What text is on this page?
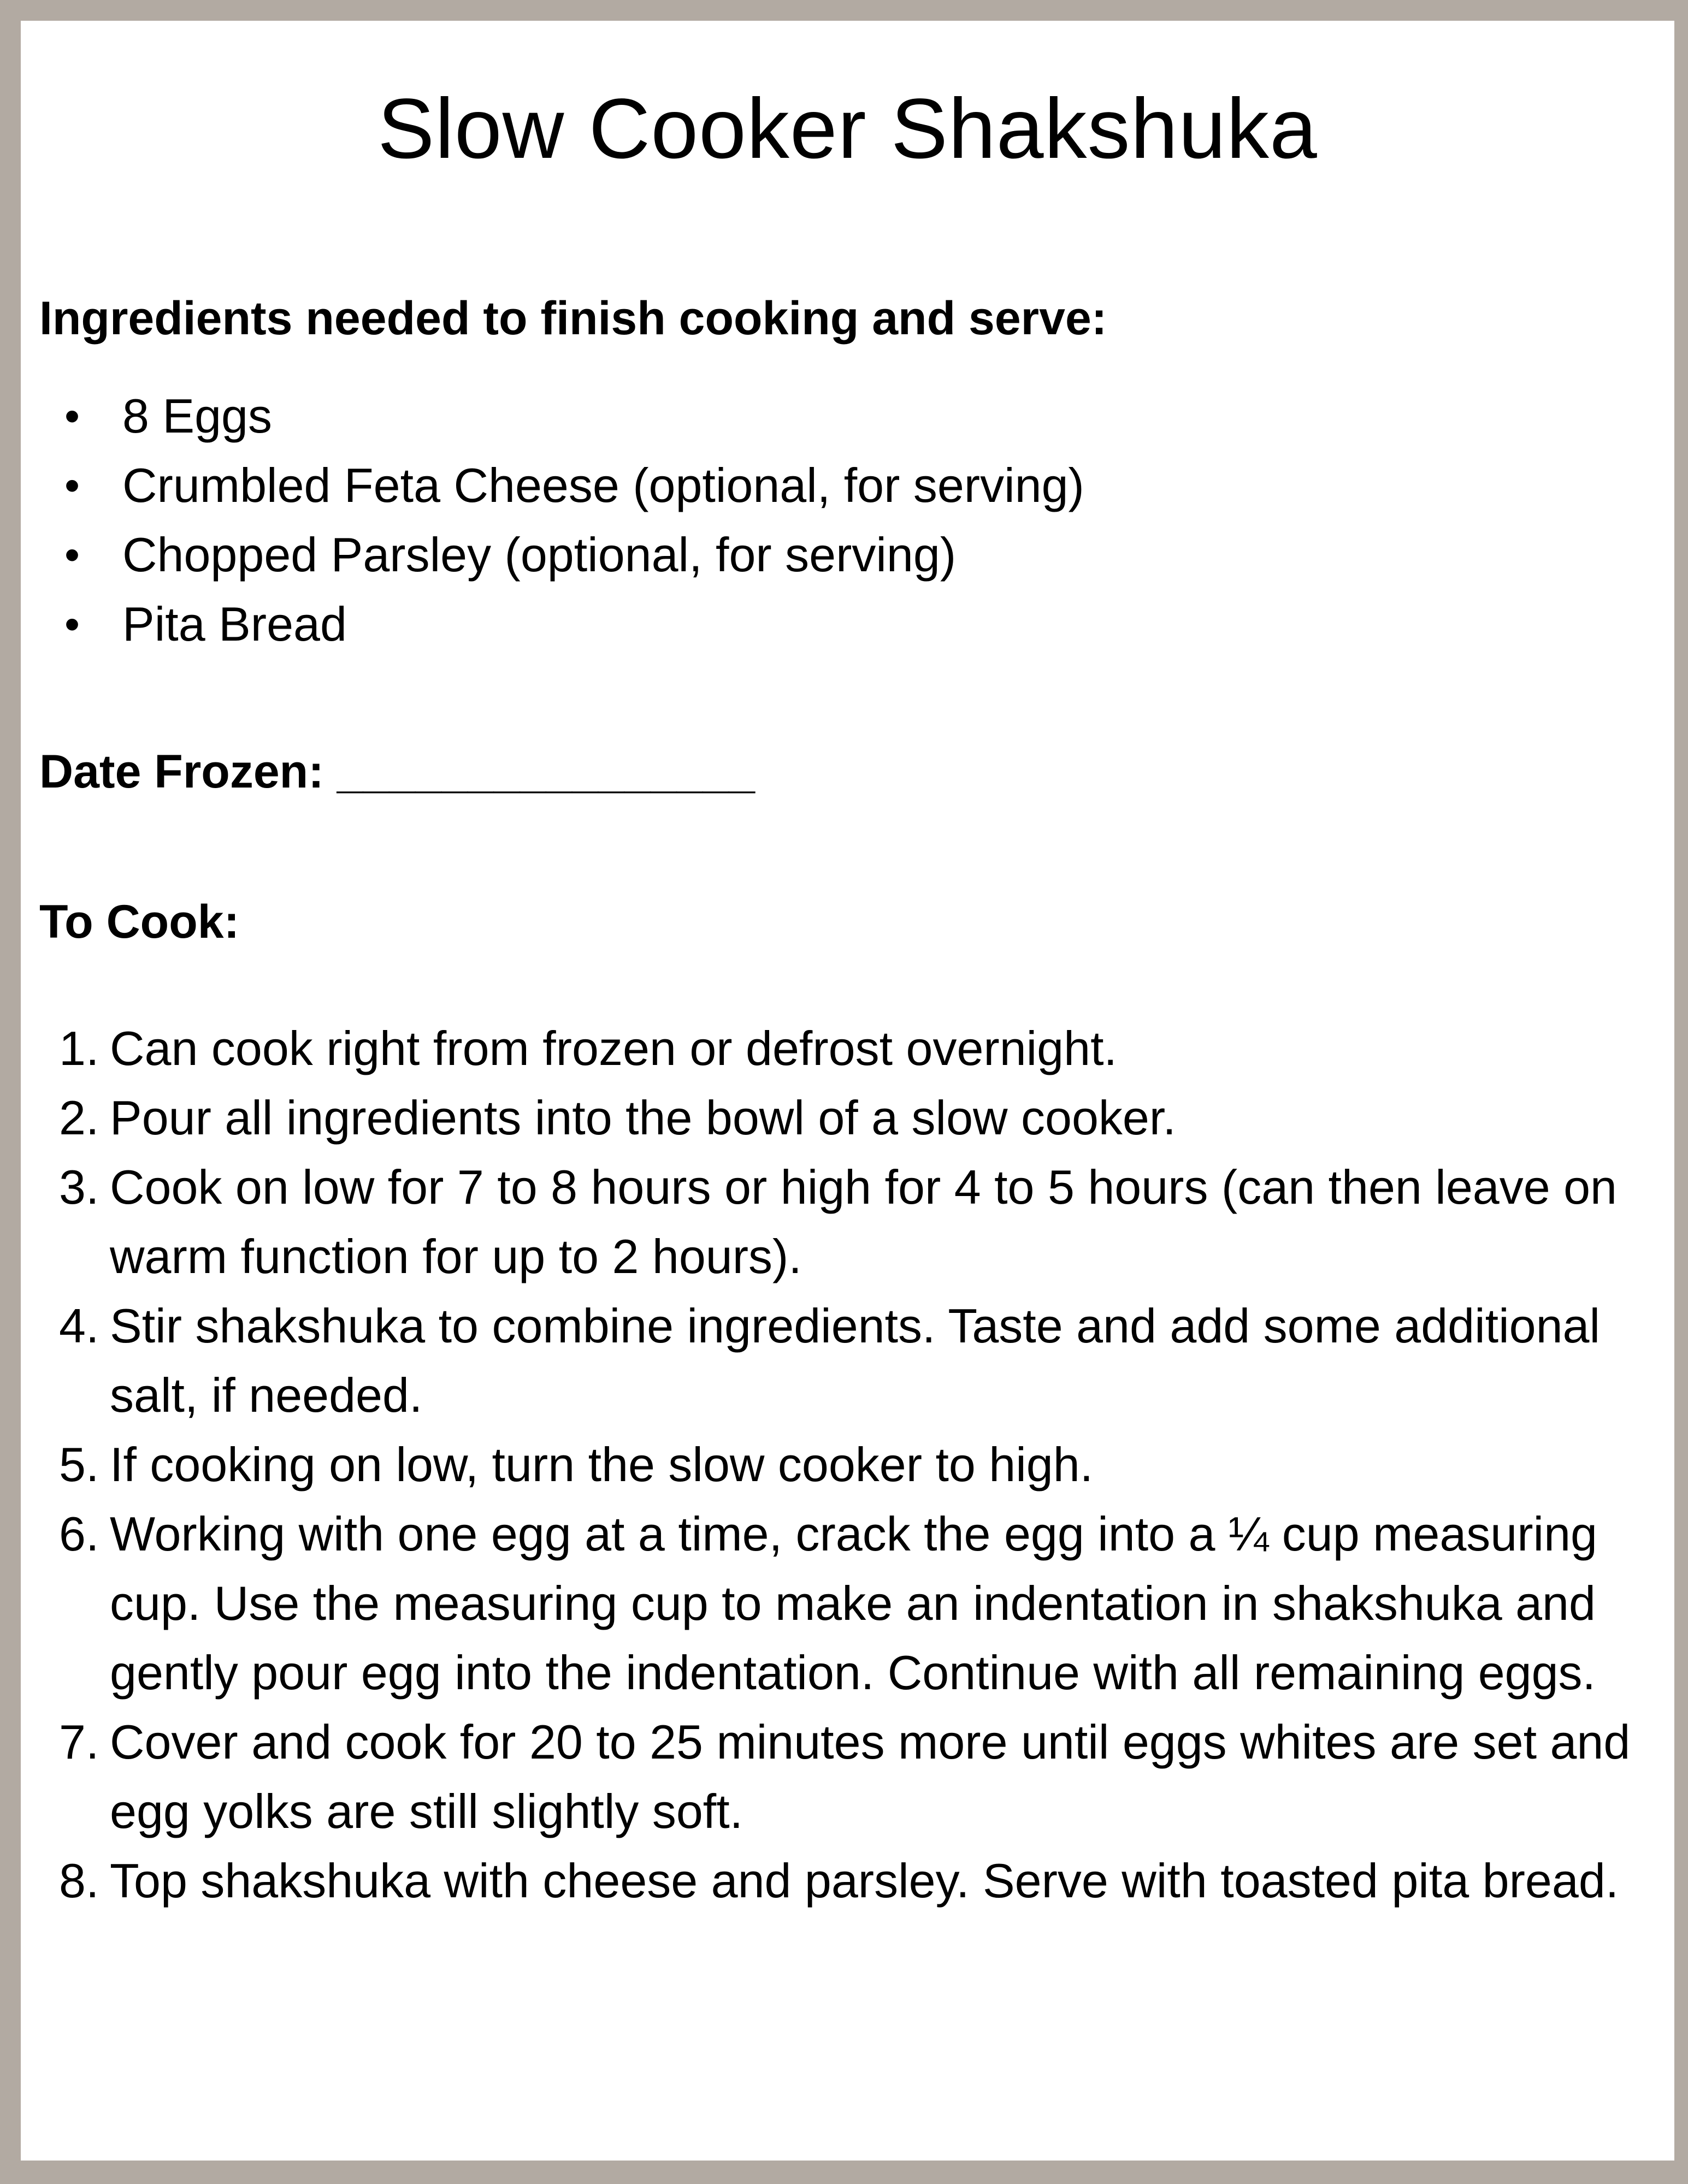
Slow Cooker Shakshuka
Ingredients needed to finish cooking and serve:
• 8 Eggs
• Crumbled Feta Cheese (optional, for serving)
• Chopped Parsley (optional, for serving)
• Pita Bread
Date Frozen: ________________
To Cook:
1. Can cook right from frozen or defrost overnight.
2. Pour all ingredients into the bowl of a slow cooker.
3. Cook on low for 7 to 8 hours or high for 4 to 5 hours (can then leave on warm function for up to 2 hours).
4. Stir shakshuka to combine ingredients. Taste and add some additional salt, if needed.
5. If cooking on low, turn the slow cooker to high.
6. Working with one egg at a time, crack the egg into a ¼ cup measuring cup. Use the measuring cup to make an indentation in shakshuka and gently pour egg into the indentation. Continue with all remaining eggs.
7. Cover and cook for 20 to 25 minutes more until eggs whites are set and egg yolks are still slightly soft.
8. Top shakshuka with cheese and parsley. Serve with toasted pita bread.
